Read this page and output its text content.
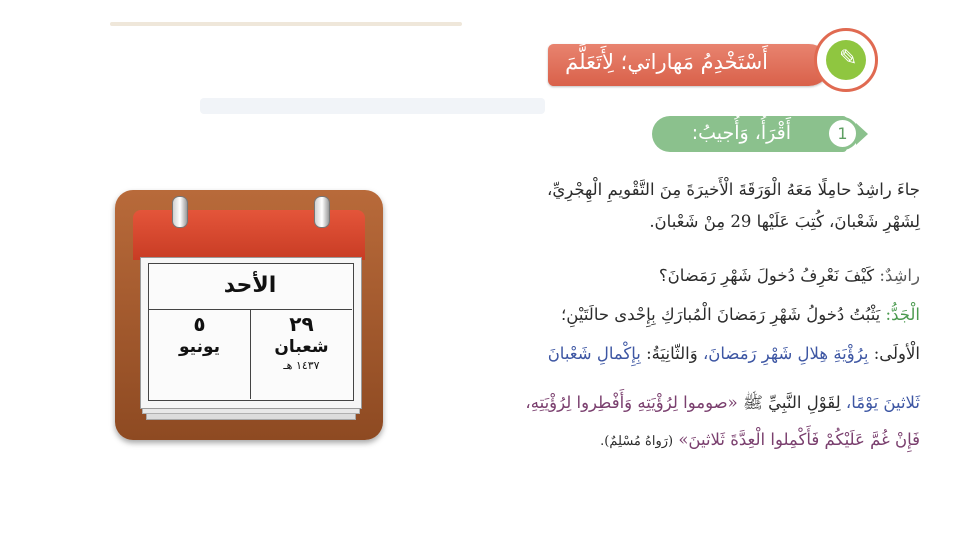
أَسْتَخْدِمُ مَهاراتي؛ لِأَتَعَلَّمَ	✎
أَقْرَأُ، وَأُجيبُ:	1
جاءَ راشِدٌ حامِلًا مَعَهُ الْوَرَقَةَ الْأَخيرَةَ مِنَ التَّقْويمِ الْهِجْرِيِّ،
لِشَهْرِ شَعْبانَ، كُتِبَ عَلَيْها 29 مِنْ شَعْبانَ.
راشِدٌ: كَيْفَ نَعْرِفُ دُخولَ شَهْرِ رَمَضانَ؟
الْجَدُّ: يَثْبُتُ دُخولُ شَهْرِ رَمَضانَ الْمُبارَكِ بِإِحْدى حالَتَيْنِ؛
الْأولَى: بِرُؤْيَةِ هِلالِ شَهْرِ رَمَضانَ، وَالثّانِيَةُ: بِإِكْمالِ شَعْبانَ
ثَلاثينَ يَوْمًا، لِقَوْلِ النَّبِيِّ ﷺ «صوموا لِرُؤْيَتِهِ وَأَفْطِروا لِرُؤْيَتِهِ،
فَإِنْ غُمَّ عَلَيْكُمْ فَأَكْمِلوا الْعِدَّةَ ثَلاثينَ» (رَواهُ مُسْلِمٌ).
الأحد
٢٩
شعبان
١٤٣٧ هـ
٥
يونيو
